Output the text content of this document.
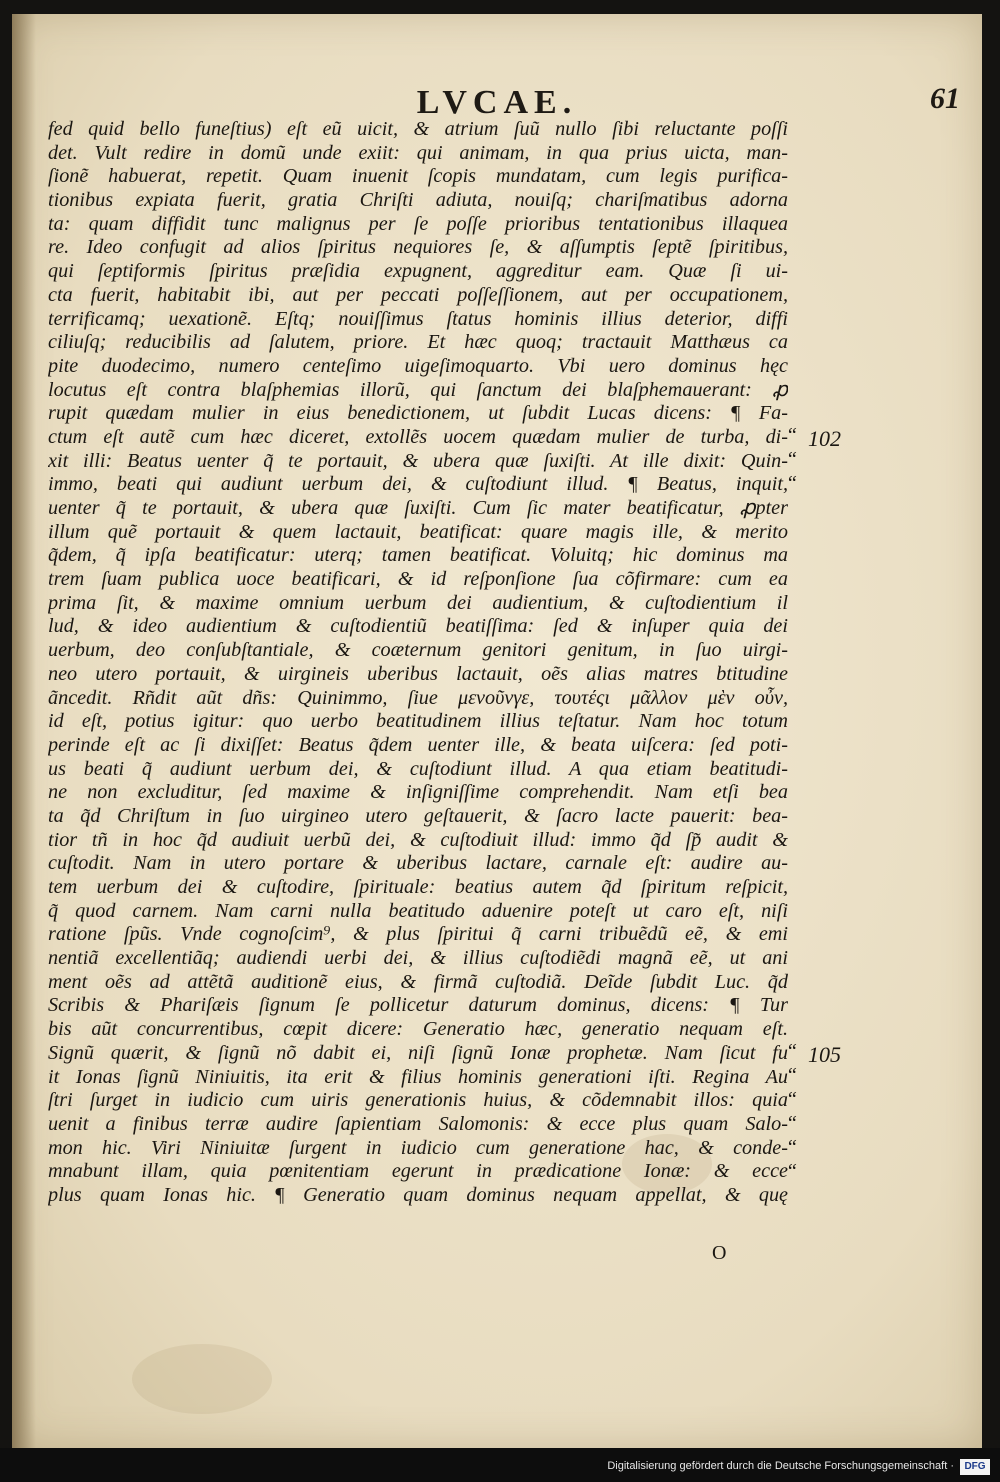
LVCAE.	61
fed quid bello funeſtius) eſt eũ uicit, & atrium ſuũ nullo ſibi reluctante poſſi
det. Vult redire in domũ unde exiit: qui animam, in qua prius uicta, man-
ſionẽ habuerat, repetit. Quam inuenit ſcopis mundatam, cum legis purifica-
tionibus expiata fuerit, gratia Chriſti adiuta, nouiſq; chariſmatibus adorna
ta: quam diffidit tunc malignus per ſe poſſe prioribus tentationibus illaquea
re. Ideo confugit ad alios ſpiritus nequiores ſe, & aſſumptis ſeptẽ ſpiritibus,
qui ſeptiformis ſpiritus præſidia expugnent, aggreditur eam. Quæ ſi ui-
cta fuerit, habitabit ibi, aut per peccati poſſeſſionem, aut per occupationem,
terrificamq; uexationẽ. Eſtq; nouiſſimus ſtatus hominis illius deterior, diffi
ciliuſq; reducibilis ad ſalutem, priore. Et hæc quoq; tractauit Matthæus ca
pite duodecimo, numero centeſimo uigeſimoquarto. Vbi uero dominus hęc
locutus eſt contra blaſphemias illorũ, qui ſanctum dei blaſphemauerant: ꝓ
rupit quædam mulier in eius benedictionem, ut ſubdit Lucas dicens: ¶ Fa-
ctum eſt autẽ cum hæc diceret, extollẽs uocem quædam mulier de turba, di-
xit illi: Beatus uenter q̃ te portauit, & ubera quæ ſuxiſti. At ille dixit: Quin-
immo, beati qui audiunt uerbum dei, & cuſtodiunt illud. ¶ Beatus, inquit,
uenter q̃ te portauit, & ubera quæ ſuxiſti. Cum ſic mater beatificatur, ꝓpter
illum quẽ portauit & quem lactauit, beatificat: quare magis ille, & merito
q̃dem, q̃ ipſa beatificatur: uterq; tamen beatificat. Voluitq; hic dominus ma
trem ſuam publica uoce beatificari, & id reſponſione ſua cõfirmare: cum ea
prima ſit, & maxime omnium uerbum dei audientium, & cuſtodientium il
lud, & ideo audientium & cuſtodientiũ beatiſſima: ſed & inſuper quia dei
uerbum, deo conſubſtantiale, & coæternum genitori genitum, in ſuo uirgi-
neo utero portauit, & uirgineis uberibus lactauit, oẽs alias matres btitudine
ãncedit. Rñdit aũt dñs: Quinimmo, ſiue μενοῦνγε, τουτέςι μᾶλλον μὲν οὖν,
id eſt, potius igitur: quo uerbo beatitudinem illius teſtatur. Nam hoc totum
perinde eſt ac ſi dixiſſet: Beatus q̃dem uenter ille, & beata uiſcera: ſed poti-
us beati q̃ audiunt uerbum dei, & cuſtodiunt illud. A qua etiam beatitudi-
ne non excluditur, ſed maxime & inſigniſſime comprehendit. Nam etſi bea
ta q̃d Chriſtum in ſuo uirgineo utero geſtauerit, & ſacro lacte pauerit: bea-
tior tñ in hoc q̃d audiuit uerbũ dei, & cuſtodiuit illud: immo q̃d ſp̃ audit &
cuſtodit. Nam in utero portare & uberibus lactare, carnale eſt: audire au-
tem uerbum dei & cuſtodire, ſpirituale: beatius autem q̃d ſpiritum reſpicit,
q̃ quod carnem. Nam carni nulla beatitudo aduenire poteſt ut caro eſt, niſi
ratione ſpũs. Vnde cognoſcim⁹, & plus ſpiritui q̃ carni tribuẽdũ eẽ, & emi
nentiã excellentiãq; audiendi uerbi dei, & illius cuſtodiẽdi magnã eẽ, ut ani
ment oẽs ad attẽtã auditionẽ eius, & firmã cuſtodiã. Deĩde ſubdit Luc. q̃d
Scribis & Phariſæis ſignum ſe pollicetur daturum dominus, dicens: ¶ Tur
bis aũt concurrentibus, cœpit dicere: Generatio hæc, generatio nequam eſt.
Signũ quærit, & ſignũ nõ dabit ei, niſi ſignũ Ionæ prophetæ. Nam ſicut fu
it Ionas ſignũ Niniuitis, ita erit & filius hominis generationi iſti. Regina Au
ſtri ſurget in iudicio cum uiris generationis huius, & cõdemnabit illos: quia
uenit a finibus terræ audire ſapientiam Salomonis: & ecce plus quam Salo-
mon hic. Viri Niniuitæ ſurgent in iudicio cum generatione hac, & conde-
mnabunt illam, quia pœnitentiam egerunt in prædicatione Ionæ: & ecce
plus quam Ionas hic. ¶ Generatio quam dominus nequam appellat, & quę
“ 102
“
“
“ 105
“
“
“
“
“
O
Digitalisierung gefördert durch die Deutsche Forschungsgemeinschaft ·	DFG
